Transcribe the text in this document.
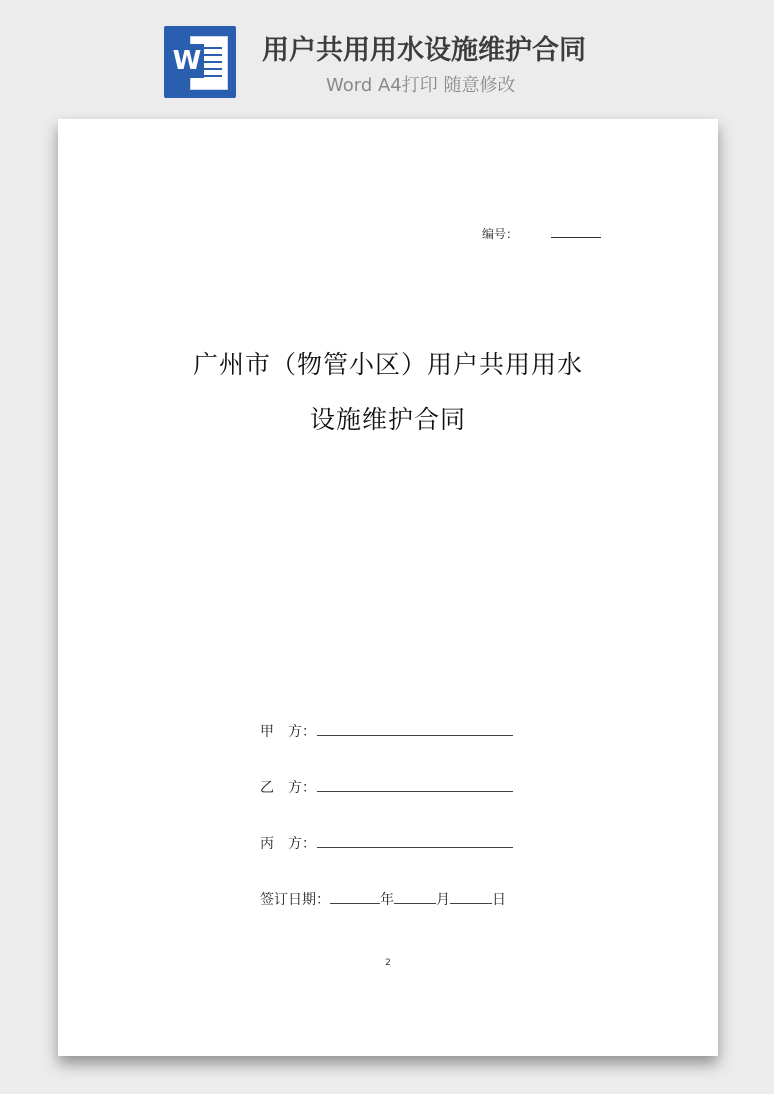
W 用户共用用水设施维护合同
Word A4打印 随意修改
编号：
广州市（物管小区）用户共用用水
设施维护合同
甲　方：
乙　方：
丙　方：
签订日期：	年	月	日
2
